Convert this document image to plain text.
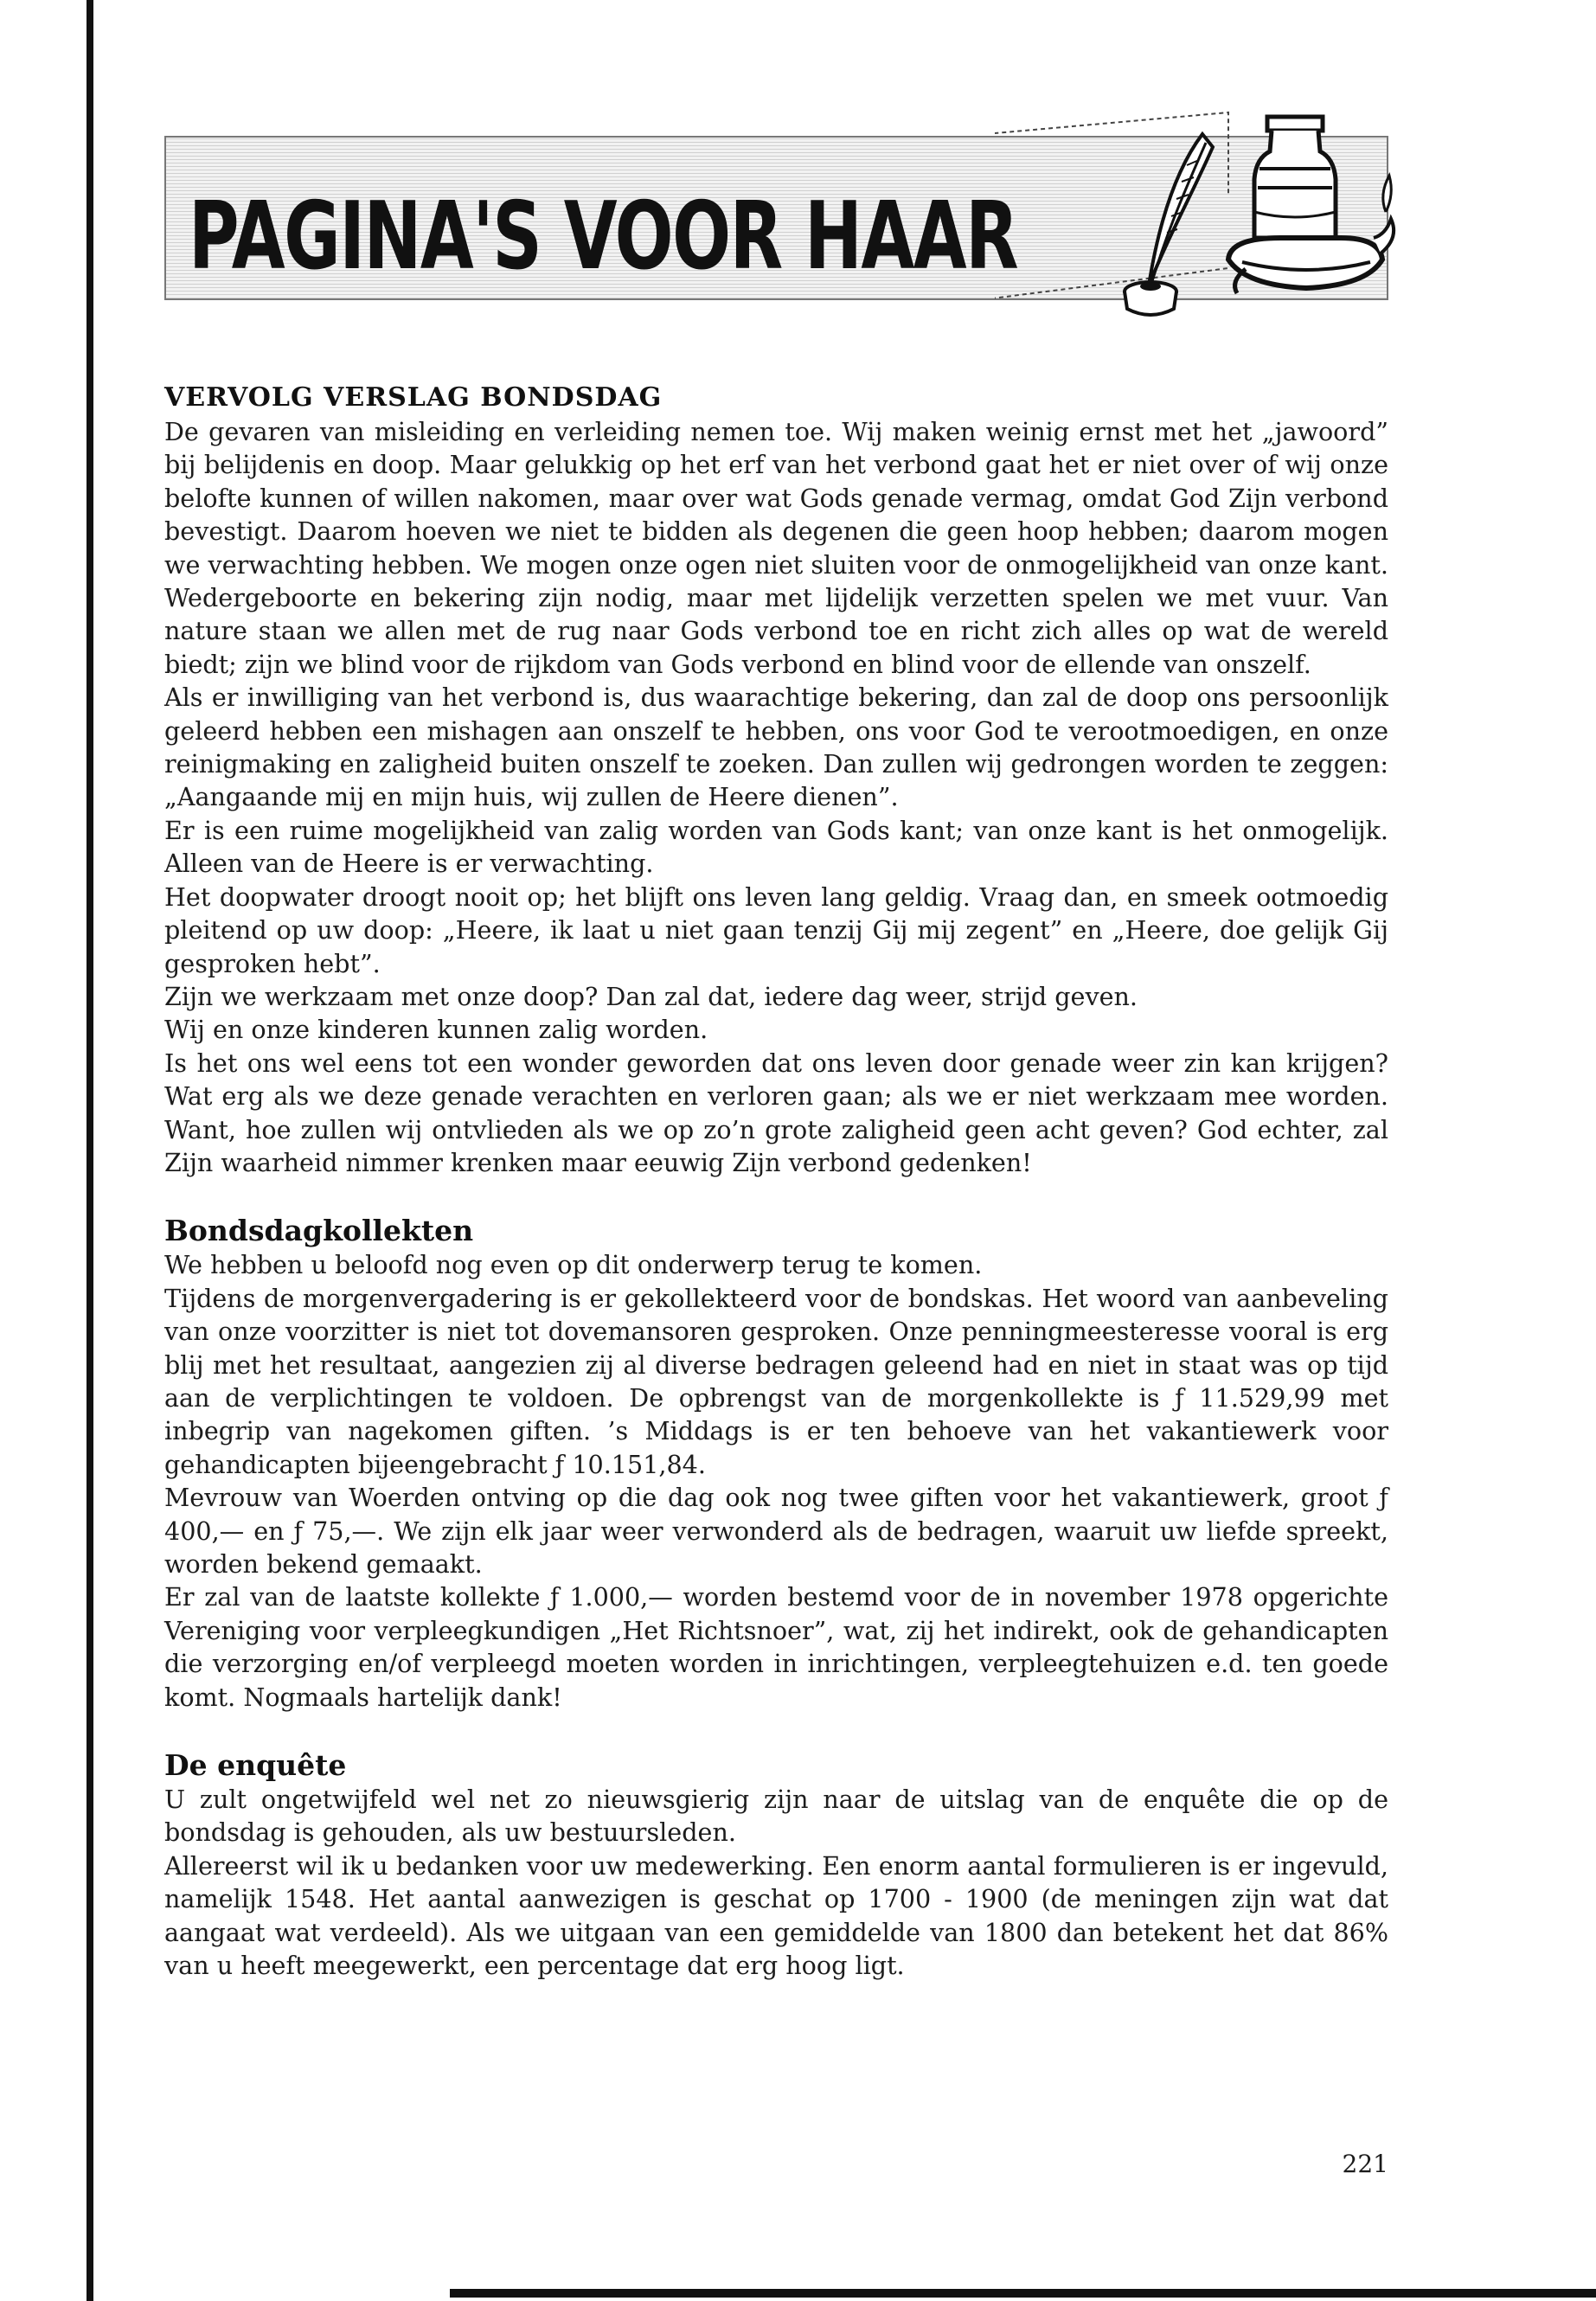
PAGINA'S VOOR HAAR
VERVOLG VERSLAG BONDSDAG

De gevaren van misleiding en verleiding nemen toe. Wij maken weinig ernst met het „jawoord” bij belijdenis en doop. Maar gelukkig op het erf van het verbond gaat het er niet over of wij onze belofte kunnen of willen nakomen, maar over wat Gods genade vermag, omdat God Zijn verbond bevestigt. Daarom hoeven we niet te bidden als degenen die geen hoop hebben; daarom mogen we verwachting hebben. We mogen onze ogen niet sluiten voor de onmogelijkheid van onze kant. Wedergeboorte en bekering zijn nodig, maar met lijdelijk verzetten spelen we met vuur. Van nature staan we allen met de rug naar Gods verbond toe en richt zich alles op wat de wereld biedt; zijn we blind voor de rijkdom van Gods verbond en blind voor de ellende van onszelf.

Als er inwilliging van het verbond is, dus waarachtige bekering, dan zal de doop ons persoonlijk geleerd hebben een mishagen aan onszelf te hebben, ons voor God te verootmoedigen, en onze reinigmaking en zaligheid buiten onszelf te zoeken. Dan zullen wij gedrongen worden te zeggen: „Aangaande mij en mijn huis, wij zullen de Heere dienen”.

Er is een ruime mogelijkheid van zalig worden van Gods kant; van onze kant is het onmogelijk. Alleen van de Heere is er verwachting.

Het doopwater droogt nooit op; het blijft ons leven lang geldig. Vraag dan, en smeek ootmoedig pleitend op uw doop: „Heere, ik laat u niet gaan tenzij Gij mij zegent” en „Heere, doe gelijk Gij gesproken hebt”.

Zijn we werkzaam met onze doop? Dan zal dat, iedere dag weer, strijd geven.

Wij en onze kinderen kunnen zalig worden.

Is het ons wel eens tot een wonder geworden dat ons leven door genade weer zin kan krijgen? Wat erg als we deze genade verachten en verloren gaan; als we er niet werkzaam mee worden. Want, hoe zullen wij ontvlieden als we op zo’n grote zaligheid geen acht geven? God echter, zal Zijn waarheid nimmer krenken maar eeuwig Zijn verbond gedenken!

Bondsdagkollekten

We hebben u beloofd nog even op dit onderwerp terug te komen.

Tijdens de morgenvergadering is er gekollekteerd voor de bondskas. Het woord van aanbeveling van onze voorzitter is niet tot dovemansoren gesproken. Onze penningmeesteresse vooral is erg blij met het resultaat, aangezien zij al diverse bedragen geleend had en niet in staat was op tijd aan de verplichtingen te voldoen. De opbrengst van de morgenkollekte is ƒ 11.529,99 met inbegrip van nagekomen giften. ’s Middags is er ten behoeve van het vakantiewerk voor gehandicapten bijeengebracht ƒ 10.151,84.

Mevrouw van Woerden ontving op die dag ook nog twee giften voor het vakantiewerk, groot ƒ 400,— en ƒ 75,—. We zijn elk jaar weer verwonderd als de bedragen, waaruit uw liefde spreekt, worden bekend gemaakt.

Er zal van de laatste kollekte ƒ 1.000,— worden bestemd voor de in november 1978 opgerichte Vereniging voor verpleegkundigen „Het Richtsnoer”, wat, zij het indirekt, ook de gehandicapten die verzorging en/of verpleegd moeten worden in inrichtingen, verpleegtehuizen e.d. ten goede komt. Nogmaals hartelijk dank!

De enquête

U zult ongetwijfeld wel net zo nieuwsgierig zijn naar de uitslag van de enquête die op de bondsdag is gehouden, als uw bestuursleden.

Allereerst wil ik u bedanken voor uw medewerking. Een enorm aantal formulieren is er ingevuld, namelijk 1548. Het aantal aanwezigen is geschat op 1700 - 1900 (de meningen zijn wat dat aangaat wat verdeeld). Als we uitgaan van een gemiddelde van 1800 dan betekent het dat 86% van u heeft meegewerkt, een percentage dat erg hoog ligt.

221
